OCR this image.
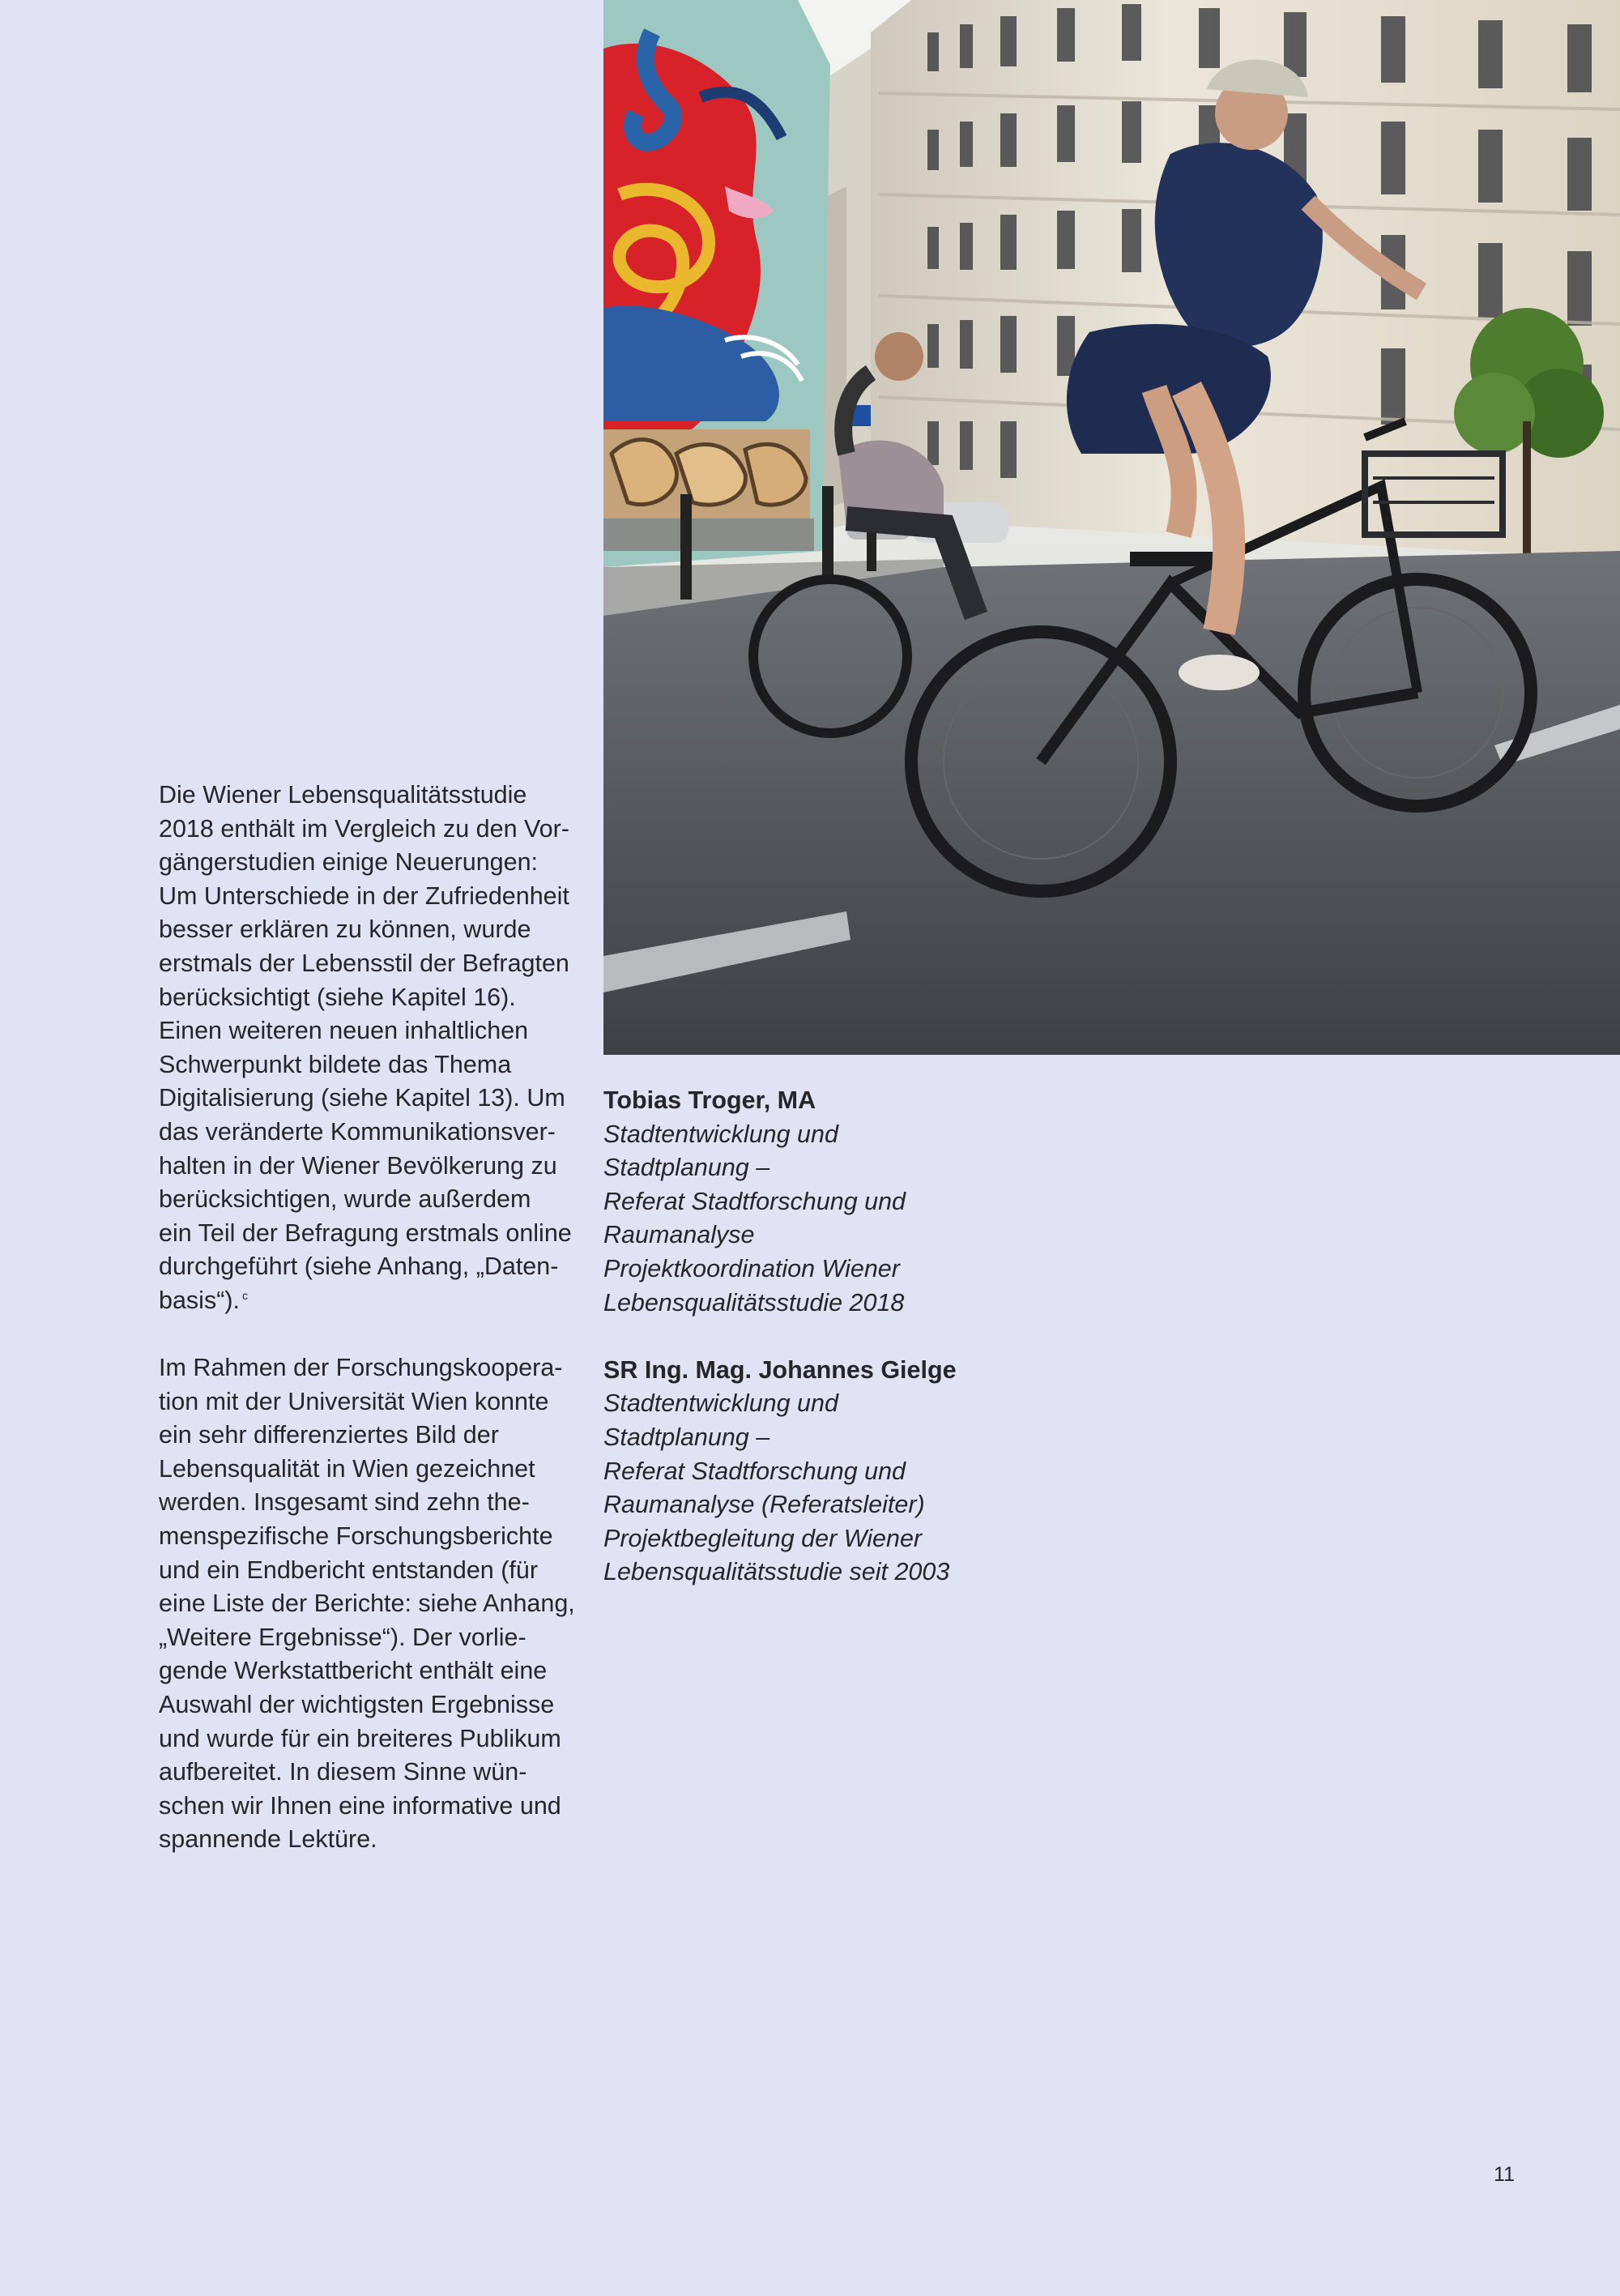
Die Wiener Lebensqualitätsstudie
2018 enthält im Vergleich zu den Vor-
gängerstudien einige Neuerungen:
Um Unterschiede in der Zufriedenheit
besser erklären zu können, wurde
erstmals der Lebensstil der Befragten
berücksichtigt (siehe Kapitel 16).
Einen weiteren neuen inhaltlichen
Schwerpunkt bildete das Thema
Digitalisierung (siehe Kapitel 13). Um
das veränderte Kommunikationsver-
halten in der Wiener Bevölkerung zu
berücksichtigen, wurde außerdem
ein Teil der Befragung erstmals online
durchgeführt (siehe Anhang, „Daten-
basis“). $^c$

Im Rahmen der Forschungskoopera-
tion mit der Universität Wien konnte
ein sehr differenziertes Bild der
Lebensqualität in Wien gezeichnet
werden. Insgesamt sind zehn the-
menspezifische Forschungsberichte
und ein Endbericht entstanden (für
eine Liste der Berichte: siehe Anhang,
„Weitere Ergebnisse“). Der vorlie-
gende Werkstattbericht enthält eine
Auswahl der wichtigsten Ergebnisse
und wurde für ein breiteres Publikum
aufbereitet. In diesem Sinne wün-
schen wir Ihnen eine informative und
spannende Lektüre.

Tobias Troger, MA
Stadtentwicklung und
Stadtplanung –
Referat Stadtforschung und
Raumanalyse
Projektkoordination Wiener
Lebensqualitätsstudie 2018
SR Ing. Mag. Johannes Gielge
Stadtentwicklung und
Stadtplanung –
Referat Stadtforschung und
Raumanalyse (Referatsleiter)
Projektbegleitung der Wiener
Lebensqualitätsstudie seit 2003
11
